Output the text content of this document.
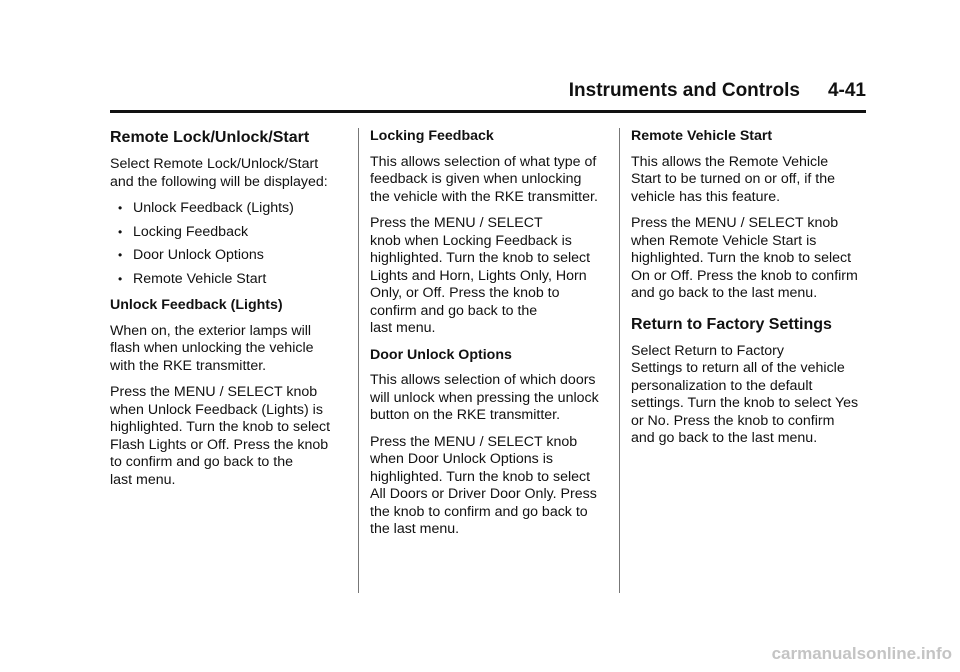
Instruments and Controls 4-41
Remote Lock/Unlock/Start

Select Remote Lock/Unlock/Start
and the following will be displayed:

• Unlock Feedback (Lights)
• Locking Feedback
• Door Unlock Options
• Remote Vehicle Start
Unlock Feedback (Lights)

When on, the exterior lamps will
flash when unlocking the vehicle
with the RKE transmitter.

Press the MENU / SELECT knob
when Unlock Feedback (Lights) is
highlighted. Turn the knob to select
Flash Lights or Off. Press the knob
to confirm and go back to the
last menu.

Locking Feedback

This allows selection of what type of
feedback is given when unlocking
the vehicle with the RKE transmitter.

Press the MENU / SELECT
knob when Locking Feedback is
highlighted. Turn the knob to select
Lights and Horn, Lights Only, Horn
Only, or Off. Press the knob to
confirm and go back to the
last menu.

Door Unlock Options

This allows selection of which doors
will unlock when pressing the unlock
button on the RKE transmitter.

Press the MENU / SELECT knob
when Door Unlock Options is
highlighted. Turn the knob to select
All Doors or Driver Door Only. Press
the knob to confirm and go back to
the last menu.

Remote Vehicle Start

This allows the Remote Vehicle
Start to be turned on or off, if the
vehicle has this feature.

Press the MENU / SELECT knob
when Remote Vehicle Start is
highlighted. Turn the knob to select
On or Off. Press the knob to confirm
and go back to the last menu.

Return to Factory Settings

Select Return to Factory
Settings to return all of the vehicle
personalization to the default
settings. Turn the knob to select Yes
or No. Press the knob to confirm
and go back to the last menu.

carmanualsonline.info
